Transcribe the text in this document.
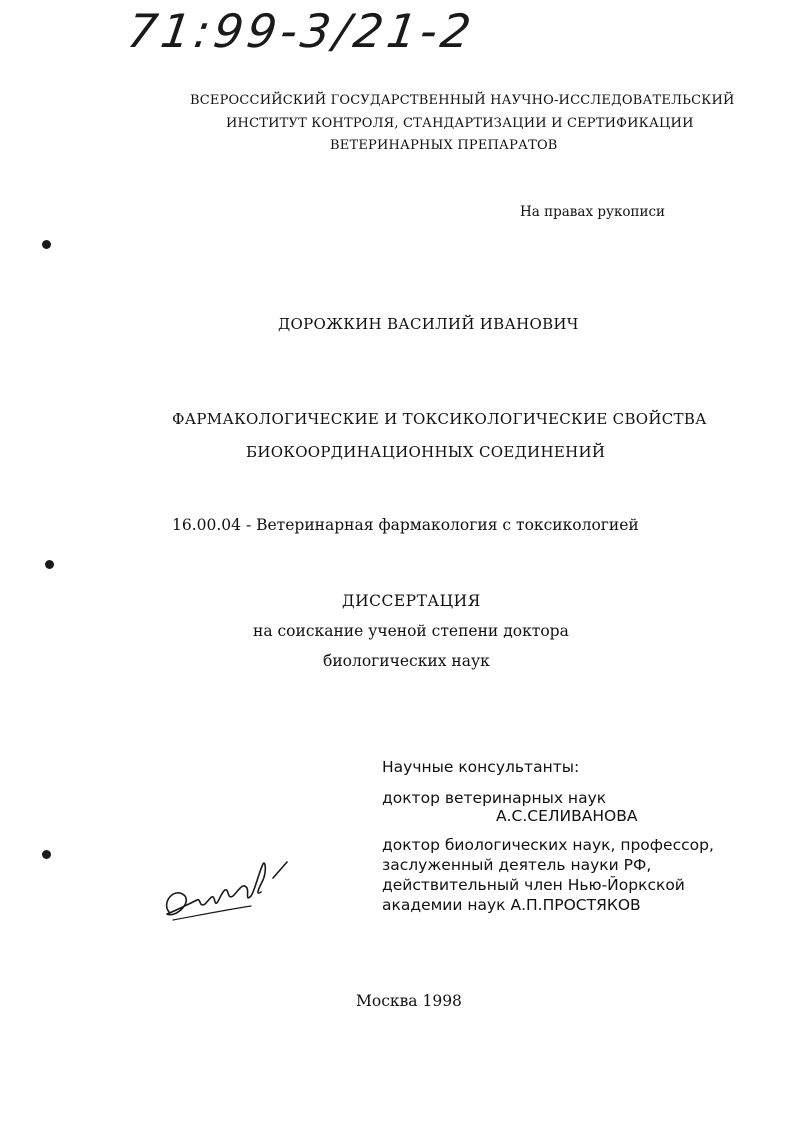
71:99-3/21-2
ВСЕРОССИЙСКИЙ ГОСУДАРСТВЕННЫЙ НАУЧНО-ИССЛЕДОВАТЕЛЬСКИЙ
ИНСТИТУТ КОНТРОЛЯ, СТАНДАРТИЗАЦИИ И СЕРТИФИКАЦИИ
ВЕТЕРИНАРНЫХ ПРЕПАРАТОВ
На правах рукописи
ДОРОЖКИН ВАСИЛИЙ ИВАНОВИЧ
ФАРМАКОЛОГИЧЕСКИЕ И ТОКСИКОЛОГИЧЕСКИЕ СВОЙСТВА
БИОКООРДИНАЦИОННЫХ СОЕДИНЕНИЙ
16.00.04 - Ветеринарная фармакология с токсикологией
ДИССЕРТАЦИЯ
на соискание ученой степени доктора
биологических наук
Научные консультанты:
доктор ветеринарных наук
А.С.СЕЛИВАНОВА
доктор биологических наук, профессор,
заслуженный деятель науки РФ,
действительный член Нью-Йоркской
академии наук А.П.ПРОСТЯКОВ
Москва 1998
